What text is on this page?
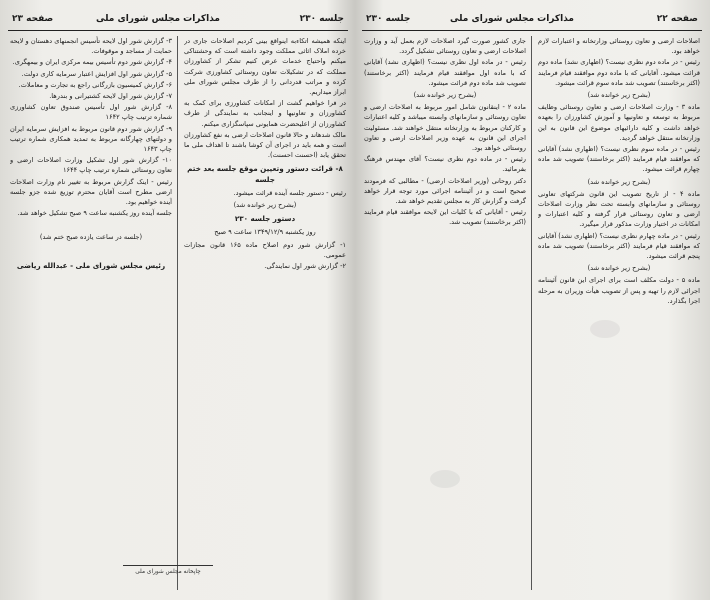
جلسه ۲۳۰
مذاکرات مجلس شورای ملی
صفحه ۲۳

اینکه همیشه اتکاءبه اینواقع بینی کردیم اصلاحات جاری در خرده املاک اثاثی مملکت وجود داشته است که وحشتناکی میکنم واحتیاج خدمات عرض کنیم تشکر از کشاورزان مملکت که در تشکیلات تعاون روستائی کشاورزی شرکت کرده و مراتب قدردانی را از طرف مجلس شورای ملی ابراز میداریم.

در فرا خواهیم گشت از امکانات کشاورزی برای کمک به کشاورزان و تعاونیها و اینجانب به نمایندگی از طرف کشاورزان از اعلیحضرت همایونی سپاسگزاری میکنم.

مالک شدهاند و حالا قانون اصلاحات ارضی به نفع کشاورزان است و همه باید در اجرای آن کوشا باشند تا اهداف ملی ما تحقق یابد (احسنت احسنت).

۸- قرائت دستور وتعیین موقع جلسه بعد ختم جلسه

رئیس - دستور جلسه آینده قرائت میشود.

(بشرح زیر خوانده شد)
دستور جلسه ۲۳۰
روز یکشنبه ۱۳۴۹/۱۲/۹ ساعت ۹ صبح

۱- گزارش شور دوم اصلاح ماده ۱۶۵ قانون مجازات عمومی.

۲- گزارش شور اول نمایندگی.

۳- گزارش شور اول لایحه تأسیس انجمنهای دهستان و لایحه حمایت از مساجد و موقوفات.

۴- گزارش شور دوم تأسیس بیمه مرکزی ایران و بیمهگری.

۵- گزارش شور اول افزایش اعتبار سرمایه کاری دولت.

۶- گزارش کمیسیون بازرگانی راجع به تجارت و معاملات.

۷- گزارش شور اول لایحه کشتیرانی و بندرها.

۸- گزارش شور اول تأسیس صندوق تعاون کشاورزی شماره ترتیب چاپ ۱۶۴۲

۹- گزارش شور دوم قانون مربوط به افزایش سرمایه ایران و دولتهای چهارگانه مربوط به تمدید همکاری شماره ترتیب چاپ ۱۶۴۳

۱۰- گزارش شور اول تشکیل وزارت اصلاحات ارضی و تعاون روستائی شماره ترتیب چاپ ۱۶۴۴

رئیس - اینک گزارش مربوط به تغییر نام وزارت اصلاحات ارضی مطرح است آقایان محترم توزیع شده جزو جلسه آینده خواهیم بود.

جلسه آینده روز یکشنبه ساعت ۹ صبح تشکیل خواهد شد.

(جلسه در ساعت یازده صبح ختم شد)
رئیس مجلس شورای ملی - عبدالله ریاضی
چاپخانه مجلس شورای ملی
صفحه ۲۲
مذاکرات مجلس شورای ملی
جلسه ۲۳۰

اصلاحات ارضی و تعاون روستائی وزارتخانه و اعتبارات لازم خواهد بود.

رئیس - در ماده دوم نظری نیست؟ (اظهاری نشد) ماده دوم قرائت میشود. آقایانی که با ماده دوم موافقند قیام فرمایند (اکثر برخاستند) تصویب شد ماده سوم قرائت میشود.

(بشرح زیر خوانده شد)

ماده ۳ - وزارت اصلاحات ارضی و تعاون روستائی وظایف مربوط به توسعه و تعاونیها و آموزش کشاورزان را بعهده خواهد داشت و کلیه دارائیهای موضوع این قانون به این وزارتخانه منتقل خواهد گردید.

رئیس - در ماده سوم نظری نیست؟ (اظهاری نشد) آقایانی که موافقند قیام فرمایند (اکثر برخاستند) تصویب شد ماده چهارم قرائت میشود.

(بشرح زیر خوانده شد)

ماده ۴ - از تاریخ تصویب این قانون شرکتهای تعاونی روستائی و سازمانهای وابسته تحت نظر وزارت اصلاحات ارضی و تعاون روستائی قرار گرفته و کلیه اعتبارات و امکانات در اختیار وزارت مذکور قرار میگیرد.

رئیس - در ماده چهارم نظری نیست؟ (اظهاری نشد) آقایانی که موافقند قیام فرمایند (اکثر برخاستند) تصویب شد ماده پنجم قرائت میشود.

(بشرح زیر خوانده شد)

ماده ۵ - دولت مکلف است برای اجرای این قانون آئیننامه اجرائی لازم را تهیه و پس از تصویب هیأت وزیران به مرحله اجرا بگذارد.

جاری کشور صورت گیرد اصلاحات لازم بعمل آید و وزارت اصلاحات ارضی و تعاون روستائی تشکیل گردد.

رئیس - در ماده اول نظری نیست؟ (اظهاری نشد) آقایانی که با ماده اول موافقند قیام فرمایند (اکثر برخاستند) تصویب شد ماده دوم قرائت میشود.

(بشرح زیر خوانده شد)

ماده ۲ - اینقانون شامل امور مربوط به اصلاحات ارضی و تعاون روستائی و سازمانهای وابسته میباشد و کلیه اعتبارات و کارکنان مربوط به وزارتخانه منتقل خواهند شد. مسئولیت اجرای این قانون به عهده وزیر اصلاحات ارضی و تعاون روستائی خواهد بود.

رئیس - در ماده دوم نظری نیست؟ آقای مهندس فرهنگ بفرمائید.

دکتر روحانی (وزیر اصلاحات ارضی) - مطالبی که فرمودند صحیح است و در آئیننامه اجرائی مورد توجه قرار خواهد گرفت و گزارش کار به مجلس تقدیم خواهد شد.

رئیس - آقایانی که با کلیات این لایحه موافقند قیام فرمایند (اکثر برخاستند) تصویب شد.
